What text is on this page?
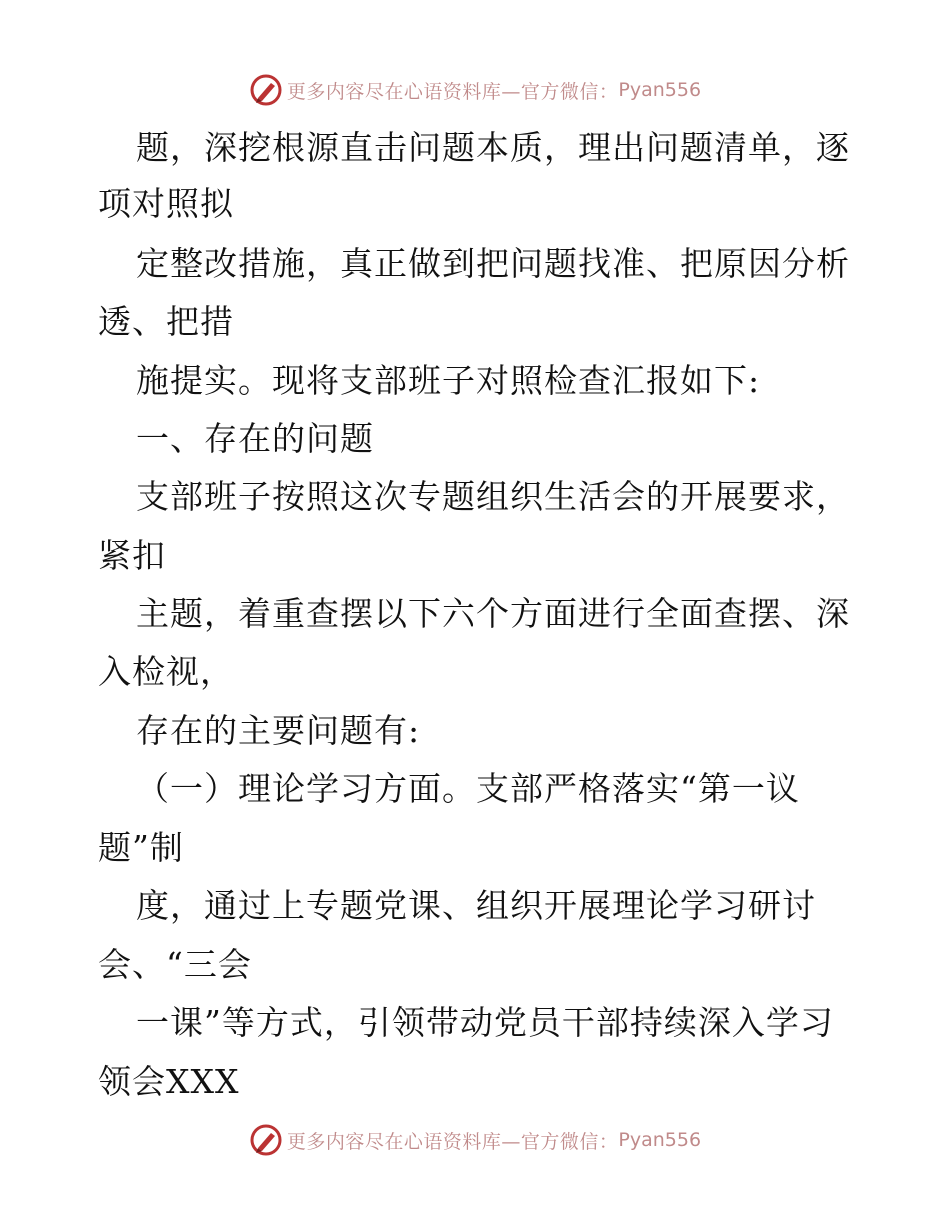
更多内容尽在心语资料库—官方微信： Pyan556
题，深挖根源直击问题本质，理出问题清单，逐
项对照拟
定整改措施，真正做到把问题找准、把原因分析
透、把措
施提实。现将支部班子对照检查汇报如下:
一、存在的问题
支部班子按照这次专题组织生活会的开展要求，
紧扣
主题，着重查摆以下六个方面进行全面查摆、深
入检视，
存在的主要问题有:
（一）理论学习方面。支部严格落实“第一议
题”制
度，通过上专题党课、组织开展理论学习研讨
会、“三会
一课”等方式，引领带动党员干部持续深入学习
领会XXX
更多内容尽在心语资料库—官方微信： Pyan556
